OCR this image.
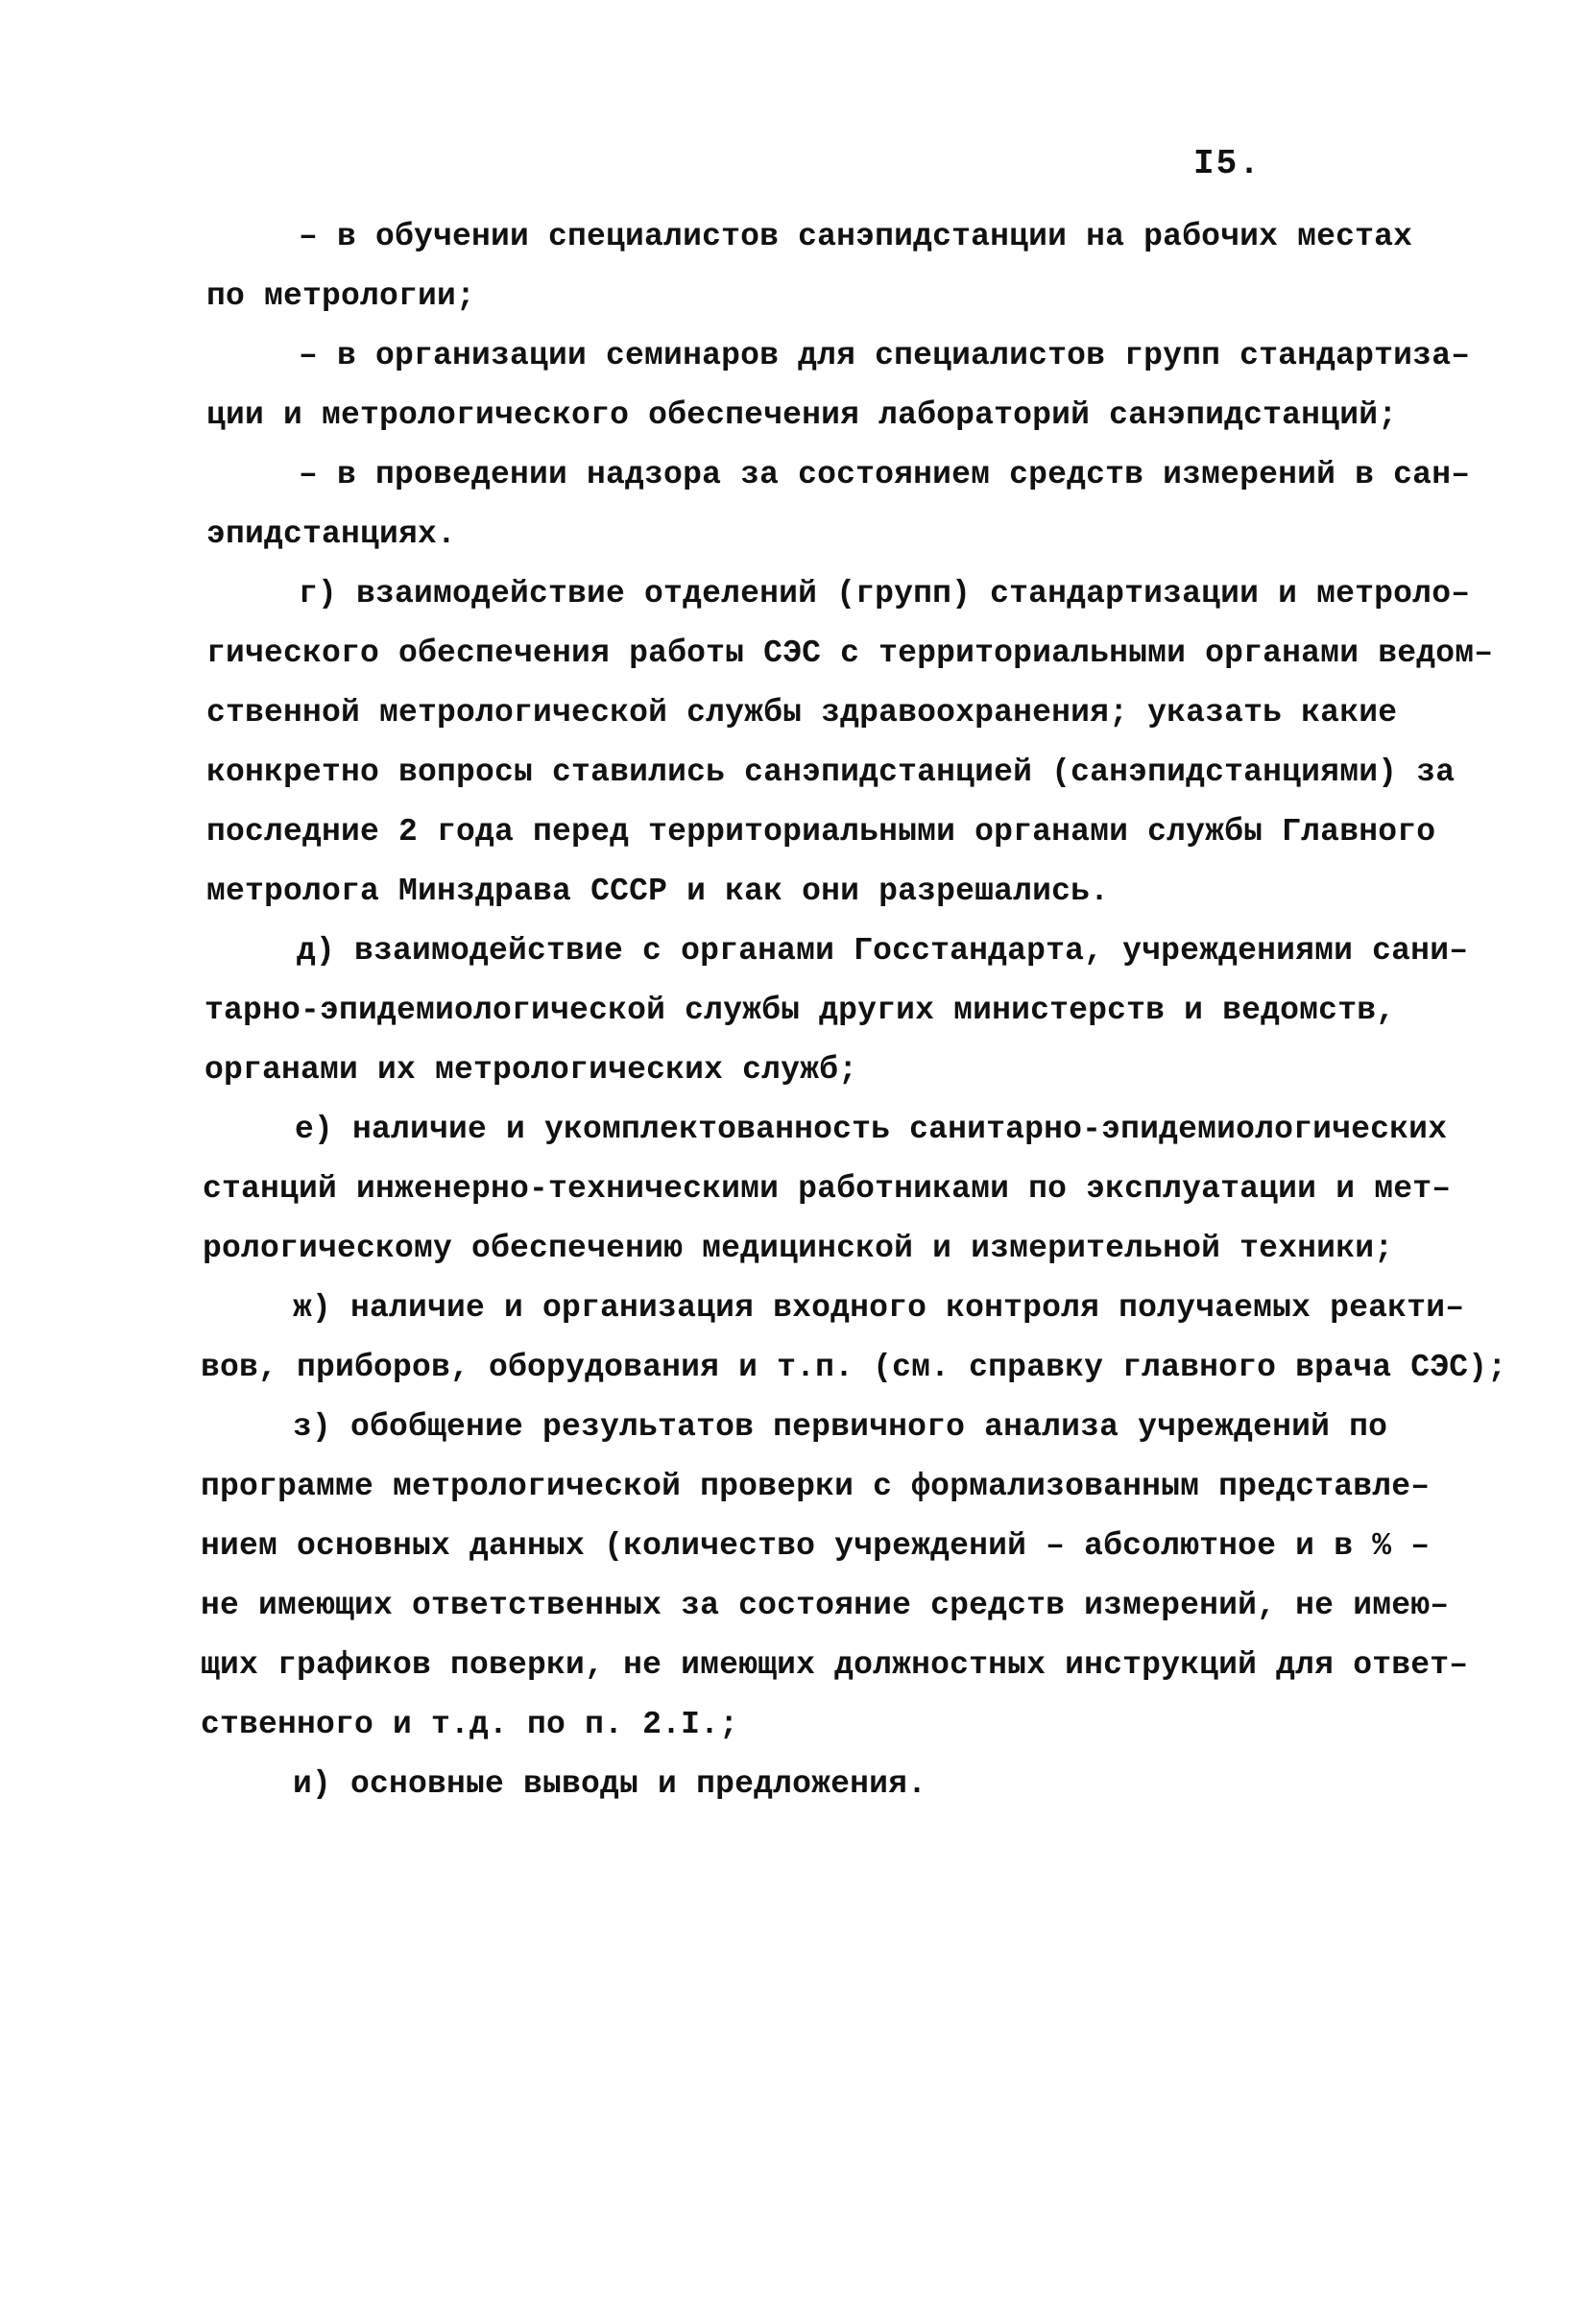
I5.
– в обучении специалистов санэпидстанции на рабочих местах
по метрологии;
– в организации семинаров для специалистов групп стандартиза–
ции и метрологического обеспечения лабораторий санэпидстанций;
– в проведении надзора за состоянием средств измерений в сан–
эпидстанциях.
г) взаимодействие отделений (групп) стандартизации и метроло–
гического обеспечения работы СЭС с территориальными органами ведом–
ственной метрологической службы здравоохранения; указать какие
конкретно вопросы ставились санэпидстанцией (санэпидстанциями) за
последние 2 года перед территориальными органами службы Главного
метролога Минздрава СССР и как они разрешались.
д) взаимодействие с органами Госстандарта, учреждениями сани–
тарно-эпидемиологической службы других министерств и ведомств,
органами их метрологических служб;
е) наличие и укомплектованность санитарно-эпидемиологических
станций инженерно-техническими работниками по эксплуатации и мет–
рологическому обеспечению медицинской и измерительной техники;
ж) наличие и организация входного контроля получаемых реакти–
вов, приборов, оборудования и т.п. (см. справку главного врача СЭС);
з) обобщение результатов первичного анализа учреждений по
программе метрологической проверки с формализованным представле–
нием основных данных (количество учреждений – абсолютное и в % –
не имеющих ответственных за состояние средств измерений, не имею–
щих графиков поверки, не имеющих должностных инструкций для ответ–
ственного и т.д. по п. 2.I.;
и) основные выводы и предложения.
